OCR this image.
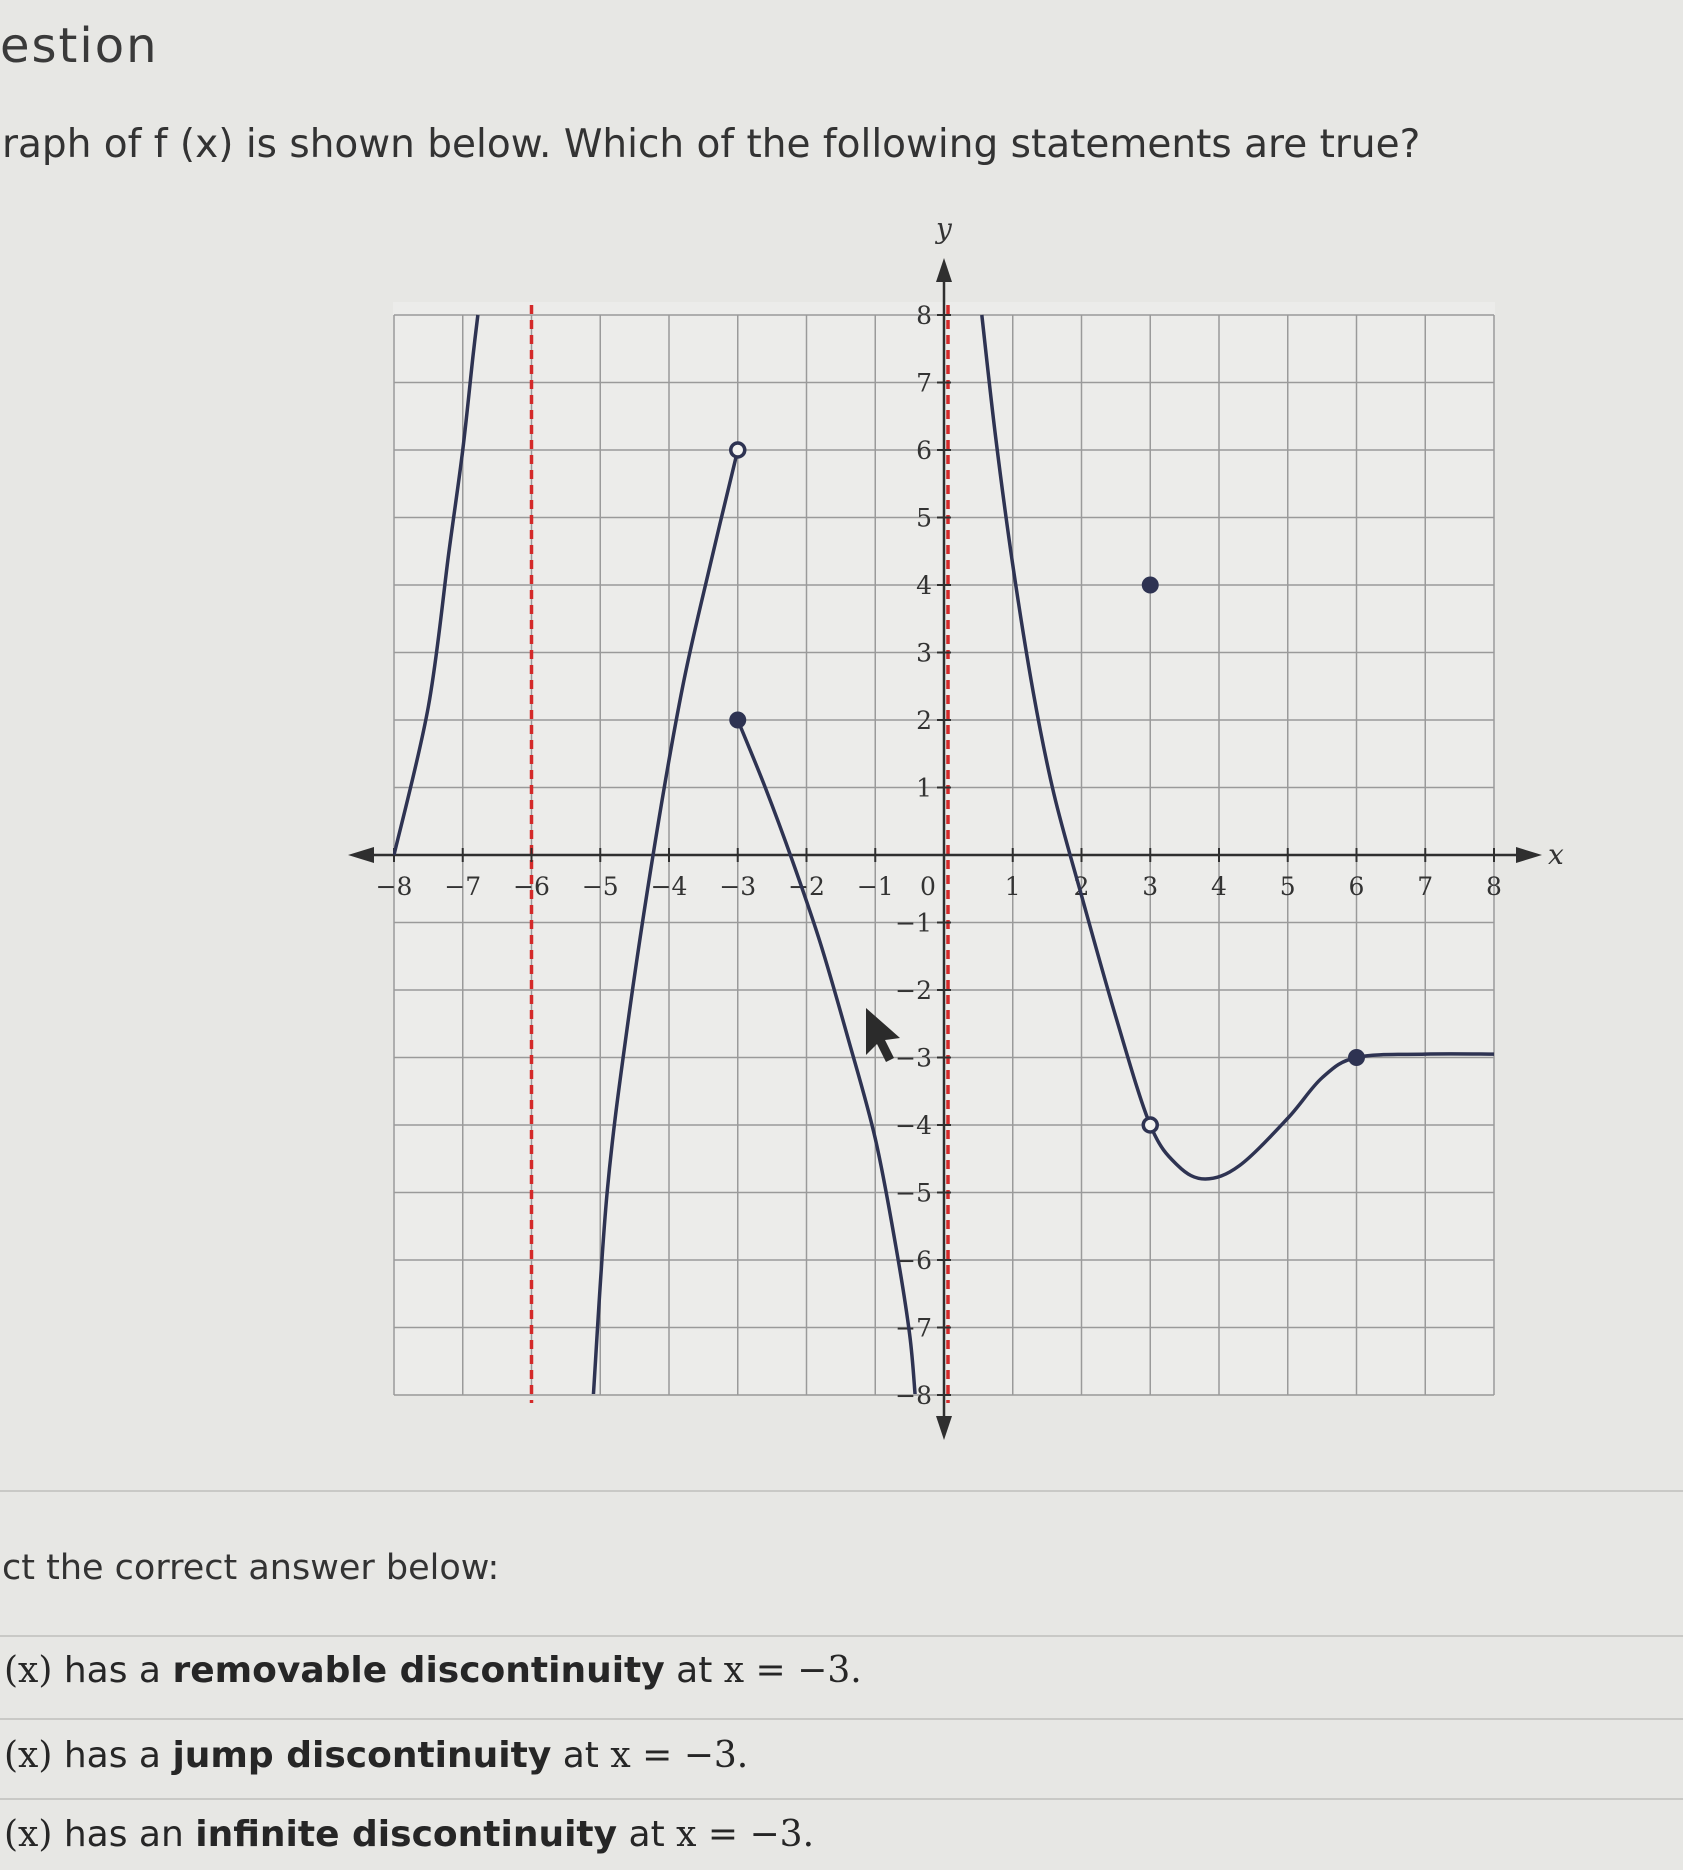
estion
raph of f (x) is shown below. Which of the following statements are true?
x
y
−8 −7 −6 −5 −4 −3 −2 −1 0	1 2 3 4 5 6 7 8
8
7
6
5
4
3
2
1
−1
−2
−3
−4
−5
−6
−7
−8
ct the correct answer below:
(x) has a removable discontinuity at x = −3.
(x) has a jump discontinuity at x = −3.
(x) has an infinite discontinuity at x = −3.
